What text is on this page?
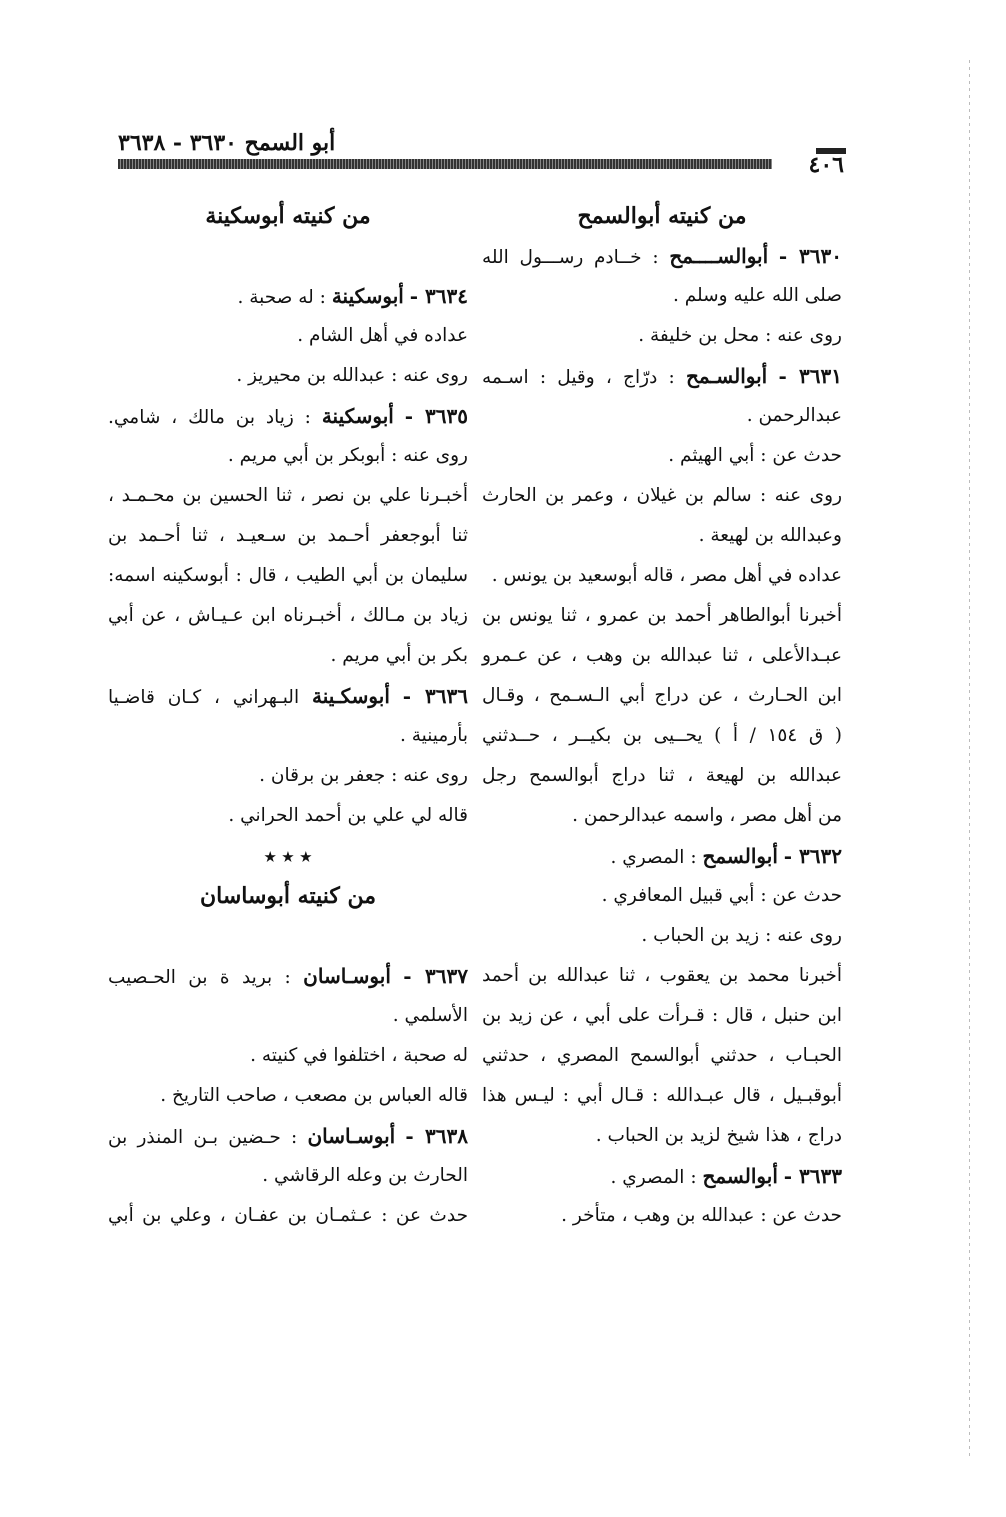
٤٠٦
أبو السمح ٣٦٣٠ - ٣٦٣٨
من كنيته أبوالسمح
٣٦٣٠ - أبوالســــمح : خــادم رســـول الله
صلى الله عليه وسلم .
روى عنه : محل بن خليفة .
٣٦٣١ - أبوالسـمح : درّاج ، وقيل : اسـمه
عبدالرحمن .
حدث عن : أبي الهيثم .
روى عنه : سالم بن غيلان ، وعمر بن الحارث
وعبدالله بن لهيعة .
عداده في أهل مصر ، قاله أبوسعيد بن يونس .
أخبرنا أبوالطاهر أحمد بن عمرو ، ثنا يونس بن
عبـدالأعلى ، ثنا عبدالله بن وهب ، عن عـمرو
ابن الحـارث ، عن دراج أبي الـسـمح ، وقـال
( ق ١٥٤ / أ ) يحــيى بن بكيــر ، حــدثني
عبدالله بن لهيعة ، ثنا دراج أبوالسمح رجل
من أهل مصر ، واسمه عبدالرحمن .
٣٦٣٢ - أبوالسمح : المصري .
حدث عن : أبي قبيل المعافري .
روى عنه : زيد بن الحباب .
أخبرنا محمد بن يعقوب ، ثنا عبدالله بن أحمد
ابن حنبل ، قال : قـرأت على أبي ، عن زيد بن
الحبـاب ، حدثني أبوالسمح المصري ، حدثني
أبوقبـيل ، قال عبـدالله : قـال أبي : ليـس هذا
دراج ، هذا شيخ لزيد بن الحباب .
٣٦٣٣ - أبوالسمح : المصري .
حدث عن : عبدالله بن وهب ، متأخر .
من كنيته أبوسكينة
٣٦٣٤ - أبوسكينة : له صحبة .
عداده في أهل الشام .
روى عنه : عبدالله بن محيريز .
٣٦٣٥ - أبوسكينة : زياد بن مالك ، شامي.
روى عنه : أبوبكر بن أبي مريم .
أخبـرنا علي بن نصر ، ثنا الحسين بن محـمـد ،
ثنا أبوجعفر أحـمد بن سـعيـد ، ثنا أحـمد بن
سليمان بن أبي الطيب ، قال : أبوسكينه اسمه:
زياد بن مـالك ، أخبـرناه ابن عـيـاش ، عن أبي
بكر بن أبي مريم .
٣٦٣٦ - أبوسكـينة البـهراني ، كـان قاضـيا
بأرمينية .
روى عنه : جعفر بن برقان .
قاله لي علي بن أحمد الحراني .
٭ ٭ ٭
من كنيته أبوساسان
٣٦٣٧ - أبوسـاسان : بريد ة بن الحـصيب
الأسلمي .
له صحبة ، اختلفوا في كنيته .
قاله العباس بن مصعب ، صاحب التاريخ .
٣٦٣٨ - أبوسـاسان : حـضين بـن المنذر بن
الحارث بن وعله الرقاشي .
حدث عن : عـثمـان بن عفـان ، وعلي بن أبي
